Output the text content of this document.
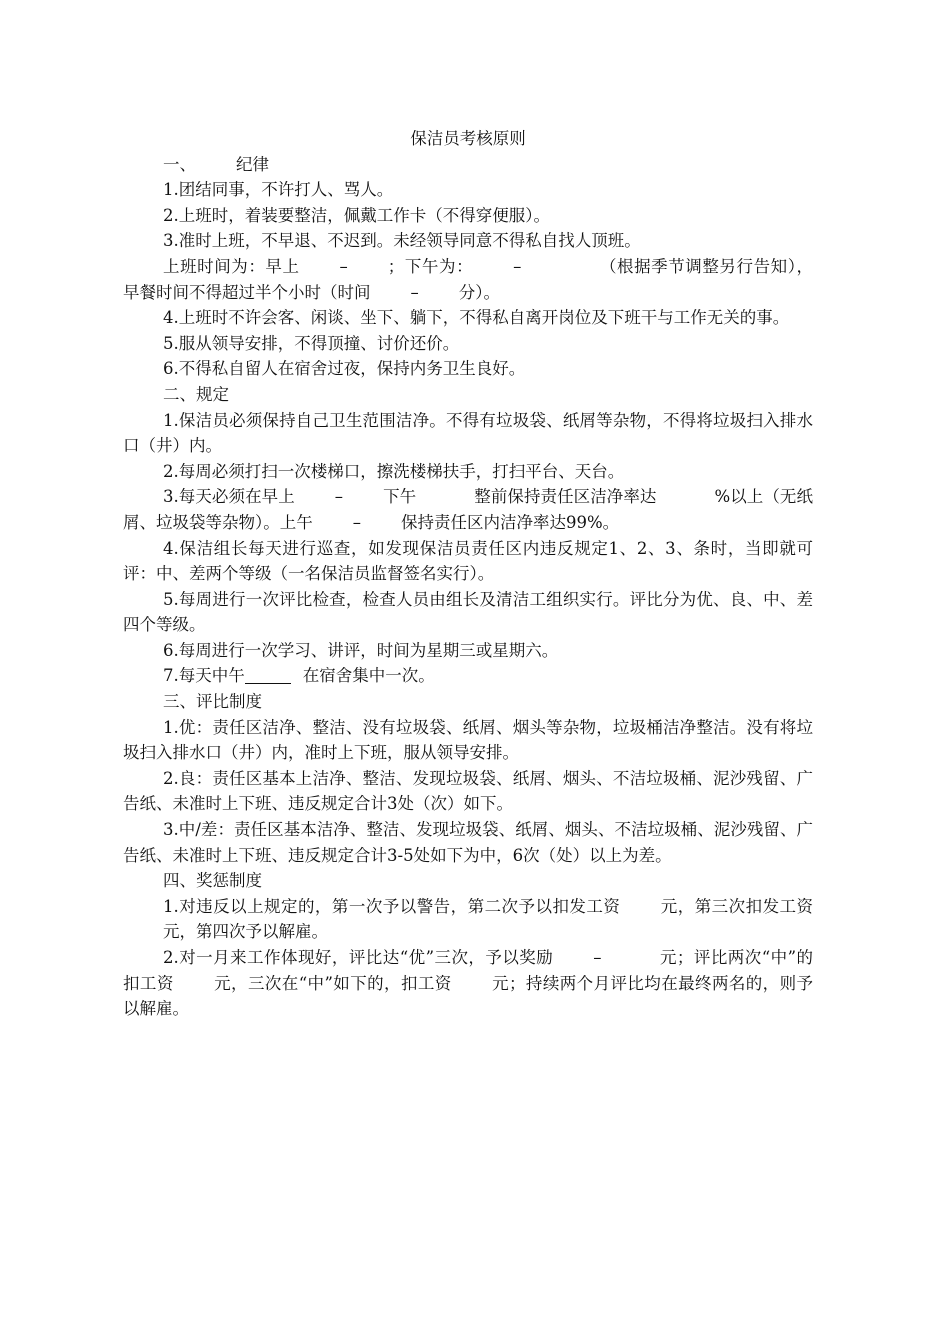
保洁员考核原则

一、 纪律

1.团结同事，不许打人、骂人。

2.上班时，着装要整洁，佩戴工作卡（不得穿便服）。

3.准时上班，不早退、不迟到。未经领导同意不得私自找人顶班。

上班时间为：早上 – ；下午为： –	（根据季节调整另行告知），早餐时间不得超过半个小时（时间 – 分）。

4.上班时不许会客、闲谈、坐下、躺下，不得私自离开岗位及下班干与工作无关的事。

5.服从领导安排，不得顶撞、讨价还价。

6.不得私自留人在宿舍过夜，保持内务卫生良好。

二、规定

1.保洁员必须保持自己卫生范围洁净。不得有垃圾袋、纸屑等杂物，不得将垃圾扫入排水口（井）内。

2.每周必须打扫一次楼梯口，擦洗楼梯扶手，打扫平台、天台。

3.每天必须在早上 – 下午	整前保持责任区洁净率达	%以上（无纸屑、垃圾袋等杂物）。上午 – 保持责任区内洁净率达99%。

4.保洁组长每天进行巡查，如发现保洁员责任区内违反规定1、2、3、条时，当即就可评：中、差两个等级（一名保洁员监督签名实行）。

5.每周进行一次评比检查，检查人员由组长及清洁工组织实行。评比分为优、良、中、差四个等级。

6.每周进行一次学习、讲评，时间为星期三或星期六。

7.每天中午	在宿舍集中一次。

三、评比制度

1.优：责任区洁净、整洁、没有垃圾袋、纸屑、烟头等杂物，垃圾桶洁净整洁。没有将垃圾扫入排水口（井）内，准时上下班，服从领导安排。

2.良：责任区基本上洁净、整洁、发现垃圾袋、纸屑、烟头、不洁垃圾桶、泥沙残留、广告纸、未准时上下班、违反规定合计3处（次）如下。

3.中/差：责任区基本洁净、整洁、发现垃圾袋、纸屑、烟头、不洁垃圾桶、泥沙残留、广告纸、未准时上下班、违反规定合计3-5处如下为中，6次（处）以上为差。

四、奖惩制度

1.对违反以上规定的，第一次予以警告，第二次予以扣发工资 元，第三次扣发工资元，第四次予以解雇。

2.对一月来工作体现好，评比达“优”三次，予以奖励 –	元；评比两次“中”的扣工资 元，三次在“中”如下的，扣工资 元；持续两个月评比均在最终两名的，则予以解雇。
